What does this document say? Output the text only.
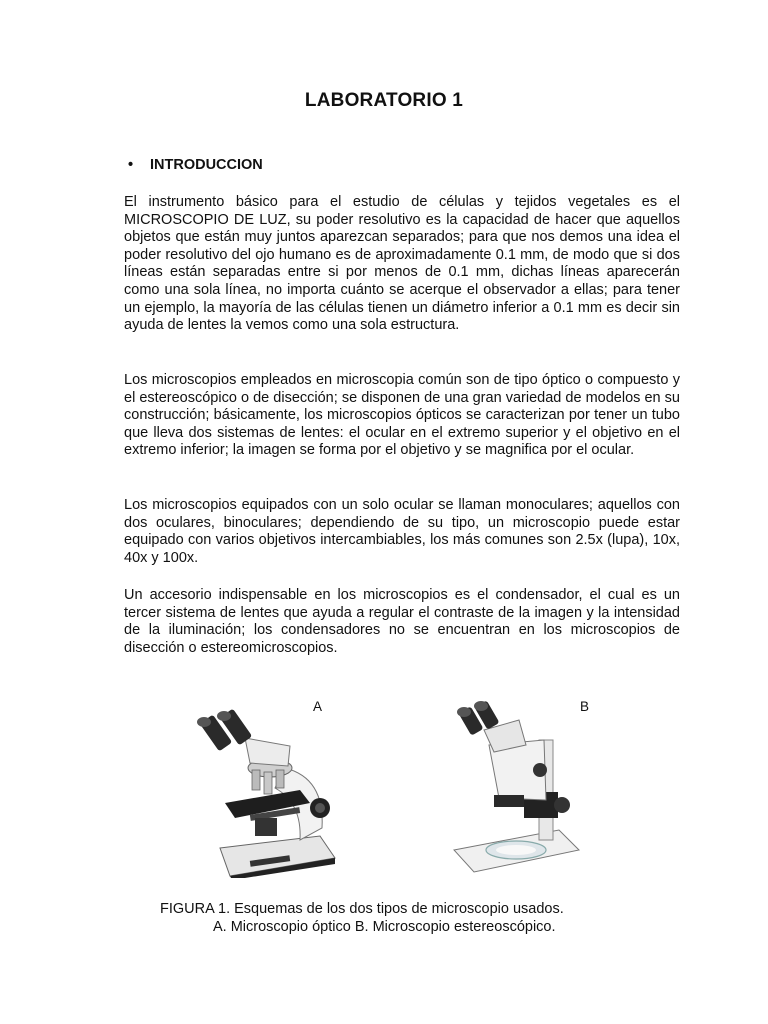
LABORATORIO 1
• INTRODUCCION

El instrumento básico para el estudio de células y tejidos vegetales es el MICROSCOPIO DE LUZ, su poder resolutivo es la capacidad de hacer que aquellos objetos que están muy juntos aparezcan separados; para que nos demos una idea el poder resolutivo del ojo humano es de aproximadamente 0.1 mm, de modo que si dos líneas están separadas entre si por menos de 0.1 mm, dichas líneas aparecerán como una sola línea, no importa cuánto se acerque el observador a ellas; para tener un ejemplo, la mayoría de las células tienen un diámetro inferior a 0.1 mm es decir sin ayuda de lentes la vemos como una sola estructura.

Los microscopios empleados en microscopia común son de tipo óptico o compuesto y el estereoscópico o de disección; se disponen de una gran variedad de modelos en su construcción; básicamente, los microscopios ópticos se caracterizan por tener un tubo que lleva dos sistemas de lentes: el ocular en el extremo superior y el objetivo en el extremo inferior; la imagen se forma por el objetivo y se magnifica por el ocular.

Los microscopios equipados con un solo ocular se llaman monoculares; aquellos con dos oculares, binoculares; dependiendo de su tipo, un microscopio puede estar equipado con varios objetivos intercambiables, los más comunes son 2.5x (lupa), 10x, 40x y 100x.

Un accesorio indispensable en los microscopios es el condensador, el cual es un tercer sistema de lentes que ayuda a regular el contraste de la imagen y la intensidad de la iluminación; los condensadores no se encuentran en los microscopios de disección o estereomicroscopios.

A	B
FIGURA 1. Esquemas de los dos tipos de microscopio usados.
A. Microscopio óptico B. Microscopio estereoscópico.
